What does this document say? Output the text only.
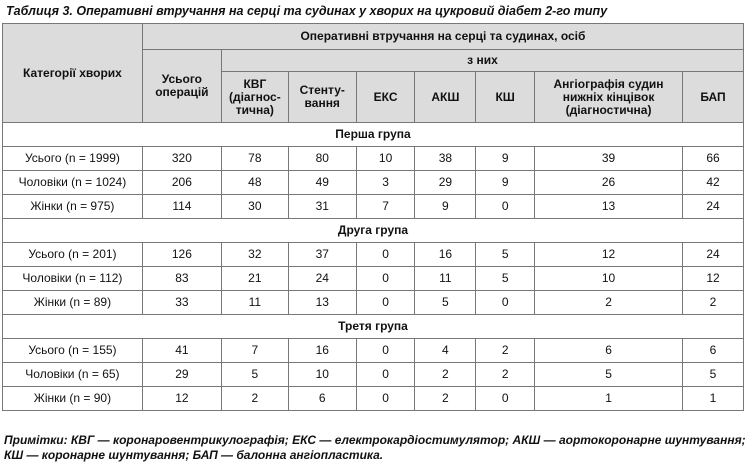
Таблиця 3. Оперативні втручання на серці та судинах у хворих на цукровий діабет 2-го типу
Категорії хворих	Оперативні втручання на серці та судинах, осіб							
	Усього операцій	з них						
		КВГ (діагнос-тична)	Стенту-вання	ЕКС	АКШ	КШ	Ангіографія судин нижніх кінцівок (діагностична)	БАП
Перша група								
Усього (n = 1999)	320	78	80	10	38	9	39	66
Чоловіки (n = 1024)	206	48	49	3	29	9	26	42
Жінки (n = 975)	114	30	31	7	9	0	13	24
Друга група								
Усього (n = 201)	126	32	37	0	16	5	12	24
Чоловіки (n = 112)	83	21	24	0	11	5	10	12
Жінки (n = 89)	33	11	13	0	5	0	2	2
Третя група								
Усього (n = 155)	41	7	16	0	4	2	6	6
Чоловіки (n = 65)	29	5	10	0	2	2	5	5
Жінки (n = 90)	12	2	6	0	2	0	1	1
Примітки: КВГ — коронаровентрикулографія; ЕКС — електрокардіостимулятор; АКШ — аортокоронарне шунтування; КШ — коронарне шунтування; БАП — балонна ангіопластика.
